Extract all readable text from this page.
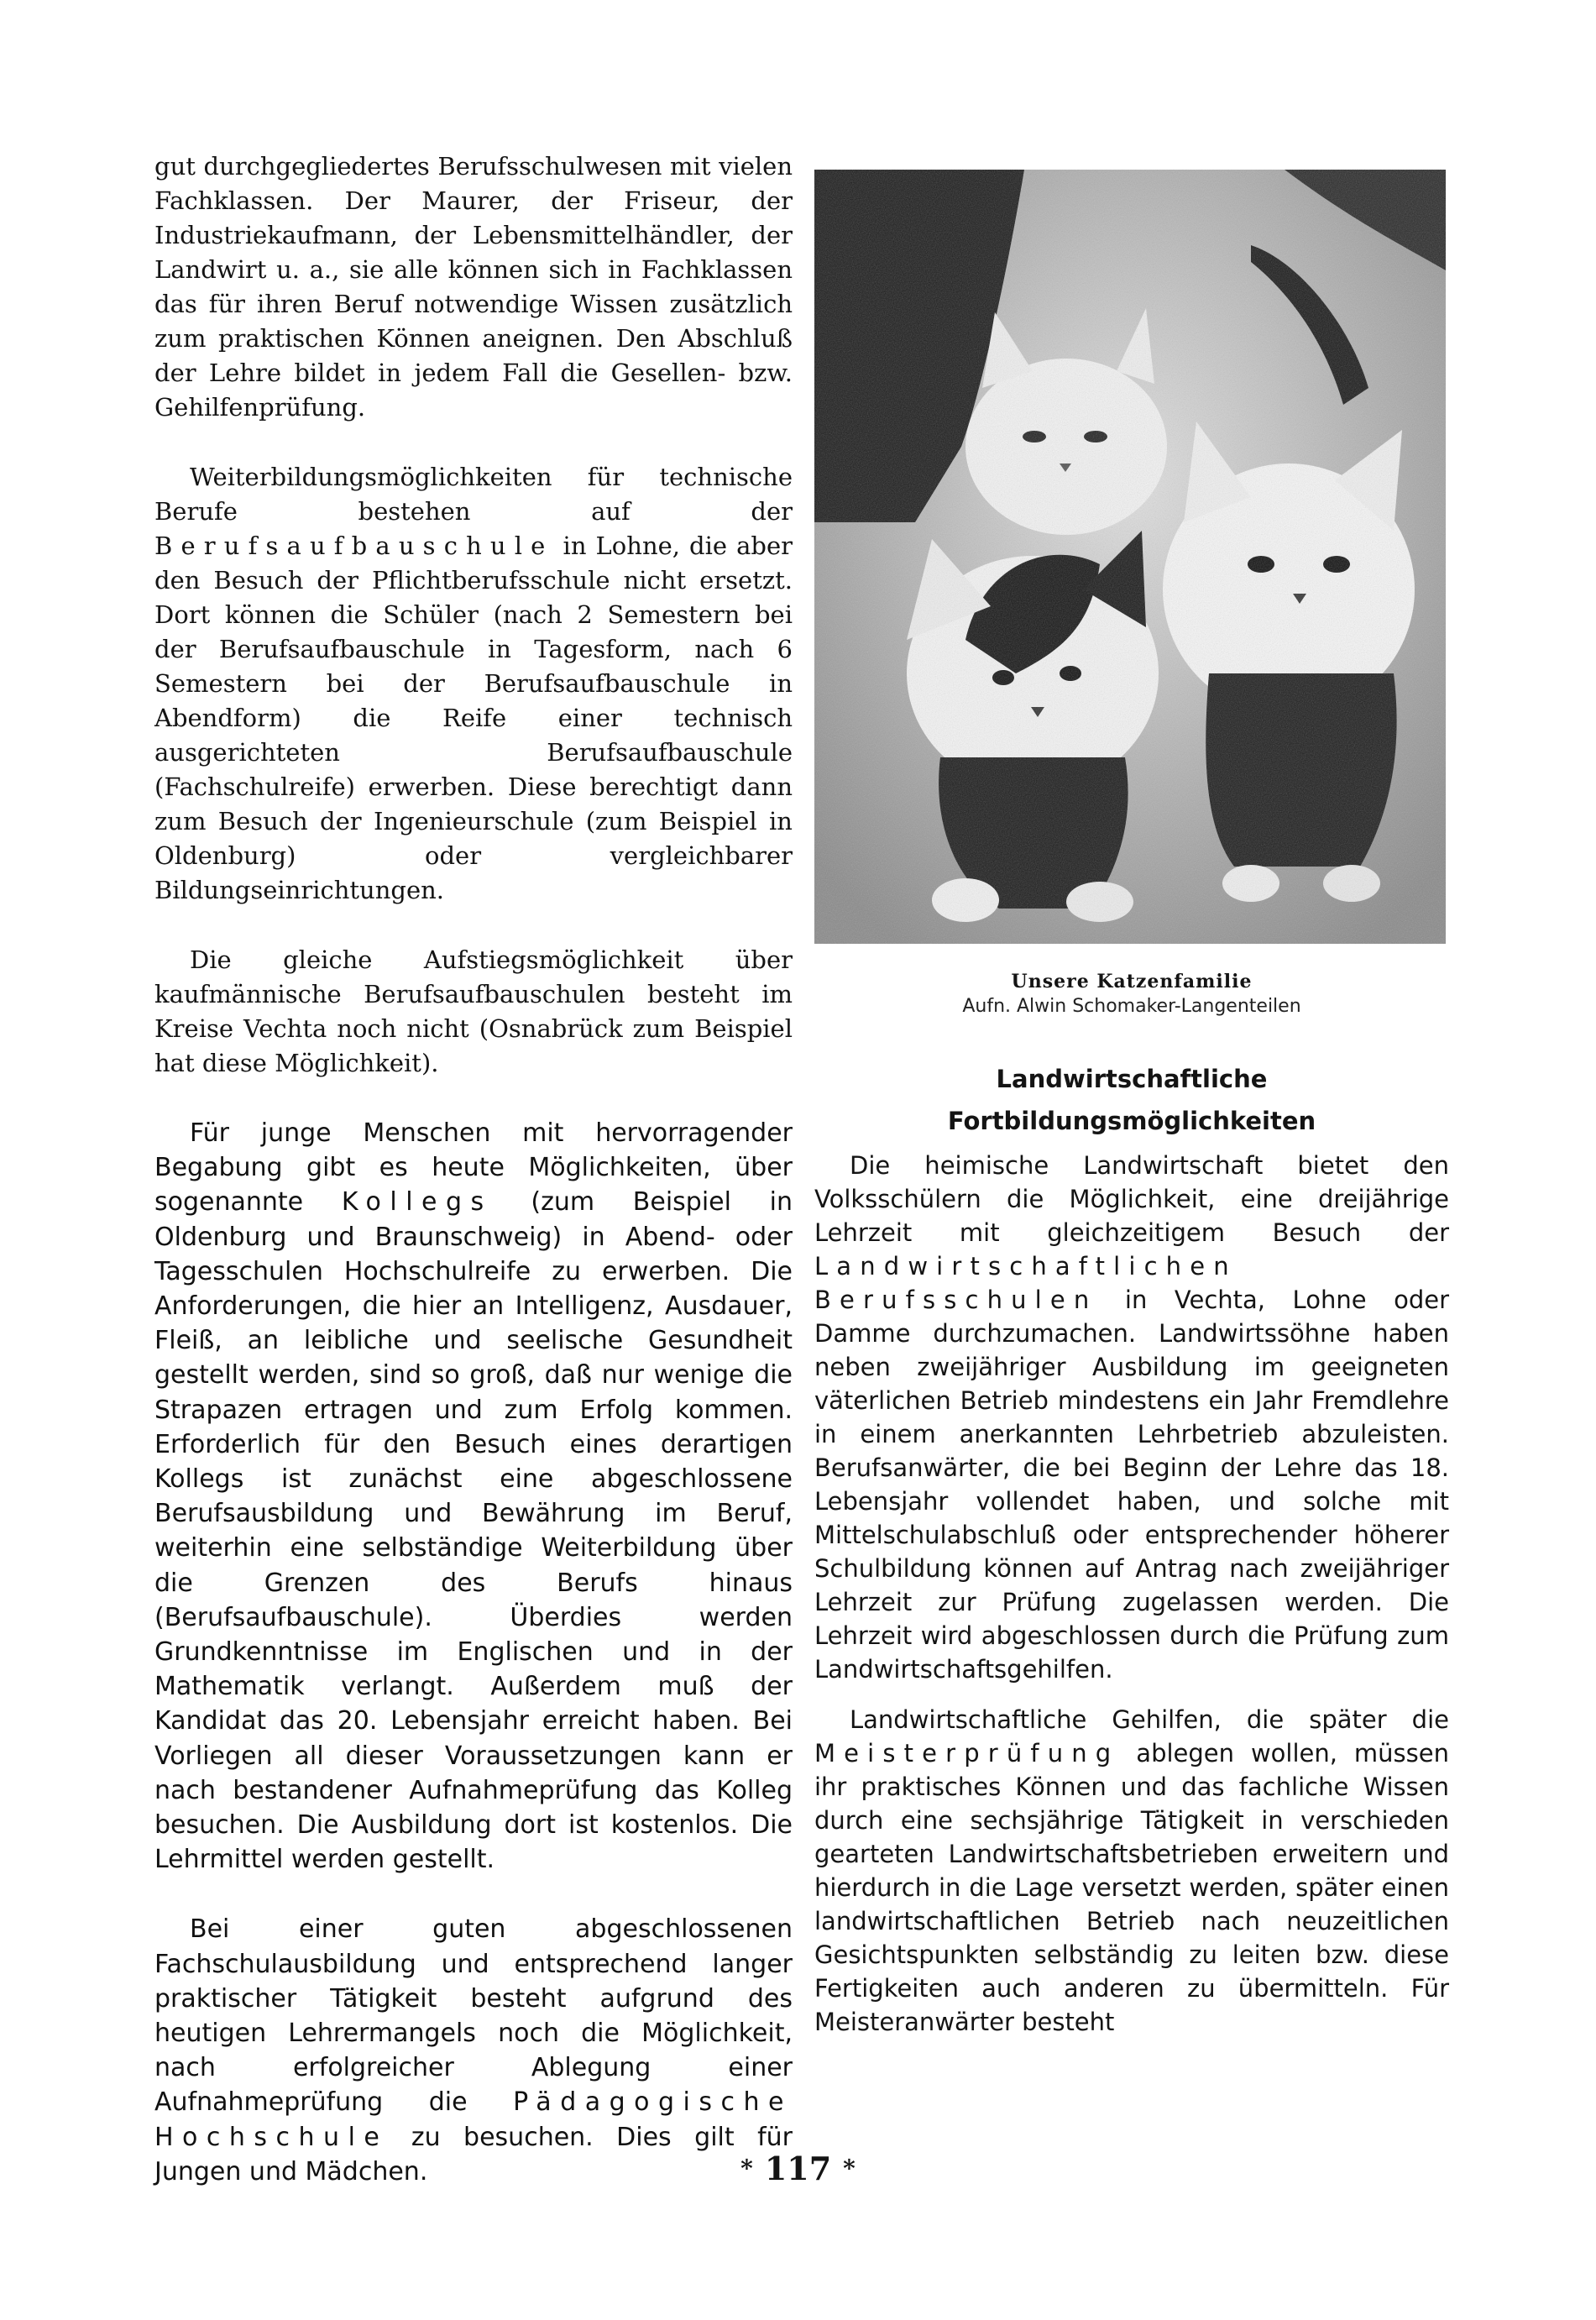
gut durchgegliedertes Berufsschulwesen mit vielen Fachklassen. Der Maurer, der Friseur, der Industriekaufmann, der Lebensmittelhändler, der Landwirt u. a., sie alle können sich in Fachklassen das für ihren Beruf notwendige Wissen zusätzlich zum praktischen Können aneignen. Den Abschluß der Lehre bildet in jedem Fall die Gesellen- bzw. Gehilfenprüfung.

Weiterbildungsmöglichkeiten für technische Berufe bestehen auf der Berufsaufbauschule in Lohne, die aber den Besuch der Pflichtberufsschule nicht ersetzt. Dort können die Schüler (nach 2 Semestern bei der Berufsaufbauschule in Tagesform, nach 6 Semestern bei der Berufsaufbauschule in Abendform) die Reife einer technisch ausgerichteten Berufsaufbauschule (Fachschulreife) erwerben. Diese berechtigt dann zum Besuch der Ingenieurschule (zum Beispiel in Oldenburg) oder vergleichbarer Bildungseinrichtungen.

Die gleiche Aufstiegsmöglichkeit über kaufmännische Berufsaufbauschulen besteht im Kreise Vechta noch nicht (Osnabrück zum Beispiel hat diese Möglichkeit).

Für junge Menschen mit hervorragender Begabung gibt es heute Möglichkeiten, über sogenannte Kollegs (zum Beispiel in Oldenburg und Braunschweig) in Abend- oder Tagesschulen Hochschulreife zu erwerben. Die Anforderungen, die hier an Intelligenz, Ausdauer, Fleiß, an leibliche und seelische Gesundheit gestellt werden, sind so groß, daß nur wenige die Strapazen ertragen und zum Erfolg kommen. Erforderlich für den Besuch eines derartigen Kollegs ist zunächst eine abgeschlossene Berufsausbildung und Bewährung im Beruf, weiterhin eine selbständige Weiterbildung über die Grenzen des Berufs hinaus (Berufsaufbauschule). Überdies werden Grundkenntnisse im Englischen und in der Mathematik verlangt. Außerdem muß der Kandidat das 20. Lebensjahr erreicht haben. Bei Vorliegen all dieser Voraussetzungen kann er nach bestandener Aufnahmeprüfung das Kolleg besuchen. Die Ausbildung dort ist kostenlos. Die Lehrmittel werden gestellt.

Bei einer guten abgeschlossenen Fachschulausbildung und entsprechend langer praktischer Tätigkeit besteht aufgrund des heutigen Lehrermangels noch die Möglichkeit, nach erfolgreicher Ablegung einer Aufnahmeprüfung die Pädagogische Hochschule zu besuchen. Dies gilt für Jungen und Mädchen.

Unsere Katzenfamilie
Aufn. Alwin Schomaker-Langenteilen
Landwirtschaftliche Fortbildungsmöglichkeiten

Die heimische Landwirtschaft bietet den Volksschülern die Möglichkeit, eine dreijährige Lehrzeit mit gleichzeitigem Besuch der Landwirtschaftlichen Berufsschulen in Vechta, Lohne oder Damme durchzumachen. Landwirtssöhne haben neben zweijähriger Ausbildung im geeigneten väterlichen Betrieb mindestens ein Jahr Fremdlehre in einem anerkannten Lehrbetrieb abzuleisten. Berufsanwärter, die bei Beginn der Lehre das 18. Lebensjahr vollendet haben, und solche mit Mittelschulabschluß oder entsprechender höherer Schulbildung können auf Antrag nach zweijähriger Lehrzeit zur Prüfung zugelassen werden. Die Lehrzeit wird abgeschlossen durch die Prüfung zum Landwirtschaftsgehilfen.

Landwirtschaftliche Gehilfen, die später die Meisterprüfung ablegen wollen, müssen ihr praktisches Können und das fachliche Wissen durch eine sechsjährige Tätigkeit in verschieden gearteten Landwirtschaftsbetrieben erweitern und hierdurch in die Lage versetzt werden, später einen landwirtschaftlichen Betrieb nach neuzeitlichen Gesichtspunkten selbständig zu leiten bzw. diese Fertigkeiten auch anderen zu übermitteln. Für Meisteranwärter besteht

* 117 *
